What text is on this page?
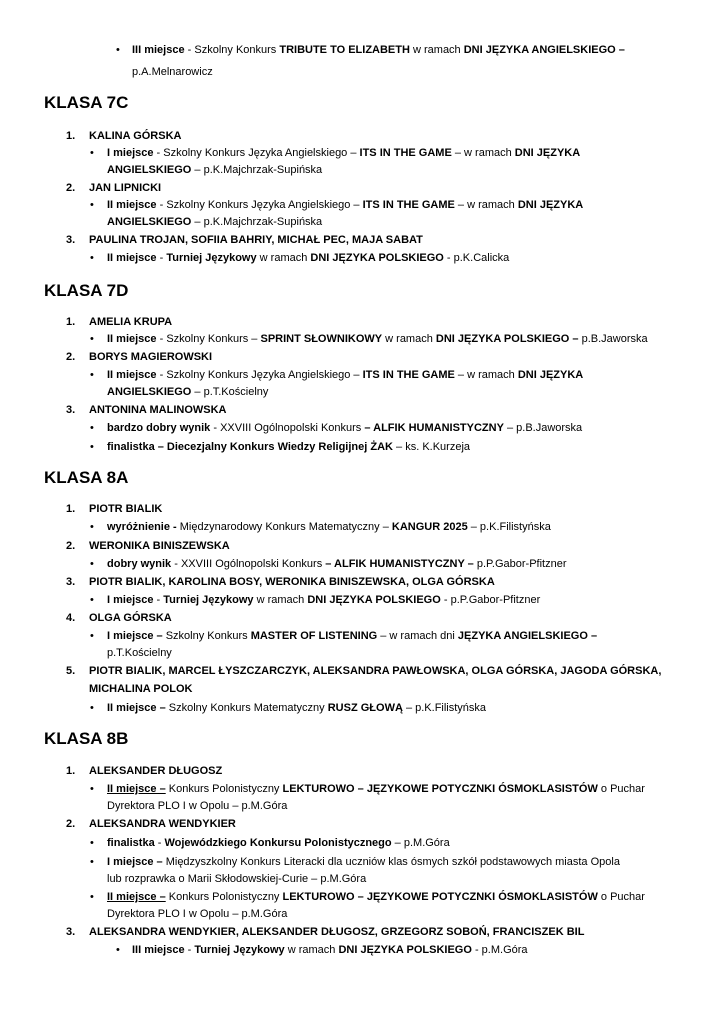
• III miejsce - Szkolny Konkurs TRIBUTE TO ELIZABETH w ramach DNI JĘZYKA ANGIELSKIEGO –
p.A.Melnarowicz
KLASA 7C
1. KALINA GÓRSKA
• I miejsce - Szkolny Konkurs Języka Angielskiego – ITS IN THE GAME – w ramach DNI JĘZYKA
ANGIELSKIEGO – p.K.Majchrzak-Supińska
2. JAN LIPNICKI
• II miejsce - Szkolny Konkurs Języka Angielskiego – ITS IN THE GAME – w ramach DNI JĘZYKA
ANGIELSKIEGO – p.K.Majchrzak-Supińska
3. PAULINA TROJAN, SOFIIA BAHRIY, MICHAŁ PEC, MAJA SABAT
• II miejsce - Turniej Językowy w ramach DNI JĘZYKA POLSKIEGO - p.K.Calicka
KLASA 7D
1. AMELIA KRUPA
• II miejsce - Szkolny Konkurs – SPRINT SŁOWNIKOWY w ramach DNI JĘZYKA POLSKIEGO – p.B.Jaworska
2. BORYS MAGIEROWSKI
• II miejsce - Szkolny Konkurs Języka Angielskiego – ITS IN THE GAME – w ramach DNI JĘZYKA
ANGIELSKIEGO – p.T.Kościelny
3. ANTONINA MALINOWSKA
• bardzo dobry wynik - XXVIII Ogólnopolski Konkurs – ALFIK HUMANISTYCZNY – p.B.Jaworska
• finalistka – Diecezjalny Konkurs Wiedzy Religijnej ŻAK – ks. K.Kurzeja
KLASA 8A
1. PIOTR BIALIK
• wyróżnienie - Międzynarodowy Konkurs Matematyczny – KANGUR 2025 – p.K.Filistyńska
2. WERONIKA BINISZEWSKA
• dobry wynik - XXVIII Ogólnopolski Konkurs – ALFIK HUMANISTYCZNY – p.P.Gabor-Pfitzner
3. PIOTR BIALIK, KAROLINA BOSY, WERONIKA BINISZEWSKA, OLGA GÓRSKA
• I miejsce - Turniej Językowy w ramach DNI JĘZYKA POLSKIEGO - p.P.Gabor-Pfitzner
4. OLGA GÓRSKA
• I miejsce – Szkolny Konkurs MASTER OF LISTENING – w ramach dni JĘZYKA ANGIELSKIEGO –
p.T.Kościelny
5. PIOTR BIALIK, MARCEL ŁYSZCZARCZYK, ALEKSANDRA PAWŁOWSKA, OLGA GÓRSKA, JAGODA GÓRSKA,
MICHALINA POLOK
• II miejsce – Szkolny Konkurs Matematyczny RUSZ GŁOWĄ – p.K.Filistyńska
KLASA 8B
1. ALEKSANDER DŁUGOSZ
• II miejsce – Konkurs Polonistyczny LEKTUROWO – JĘZYKOWE POTYCZNKI ÓSMOKLASISTÓW o Puchar
Dyrektora PLO I w Opolu – p.M.Góra
2. ALEKSANDRA WENDYKIER
• finalistka - Wojewódzkiego Konkursu Polonistycznego – p.M.Góra
• I miejsce – Międzyszkolny Konkurs Literacki dla uczniów klas ósmych szkół podstawowych miasta Opola
lub rozprawka o Marii Skłodowskiej-Curie – p.M.Góra
• II miejsce – Konkurs Polonistyczny LEKTUROWO – JĘZYKOWE POTYCZNKI ÓSMOKLASISTÓW o Puchar
Dyrektora PLO I w Opolu – p.M.Góra
3. ALEKSANDRA WENDYKIER, ALEKSANDER DŁUGOSZ, GRZEGORZ SOBOŃ, FRANCISZEK BIL
• III miejsce - Turniej Językowy w ramach DNI JĘZYKA POLSKIEGO - p.M.Góra
